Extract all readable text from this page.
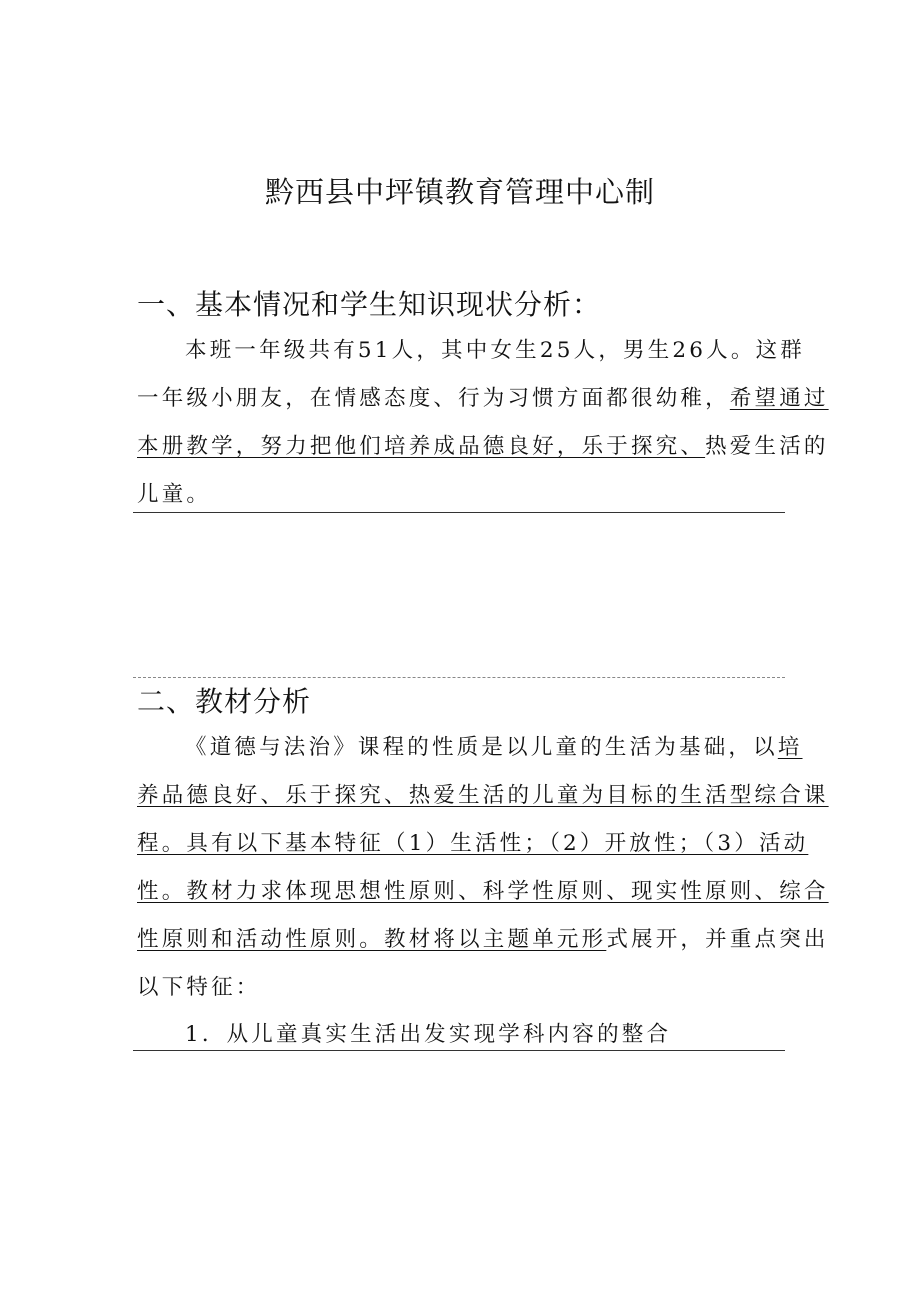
黔西县中坪镇教育管理中心制
一、基本情况和学生知识现状分析：
本班一年级共有51人，其中女生25人，男生26人。这群
一年级小朋友，在情感态度、行为习惯方面都很幼稚，希望通过
本册教学，努力把他们培养成品德良好，乐于探究、热爱生活的
儿童。
二、教材分析
《道德与法治》课程的性质是以儿童的生活为基础，以培
养品德良好、乐于探究、热爱生活的儿童为目标的生活型综合课
程。具有以下基本特征（1）生活性；（2）开放性；（3）活动
性。教材力求体现思想性原则、科学性原则、现实性原则、综合
性原则和活动性原则。教材将以主题单元形式展开，并重点突出
以下特征：
1．从儿童真实生活出发实现学科内容的整合
